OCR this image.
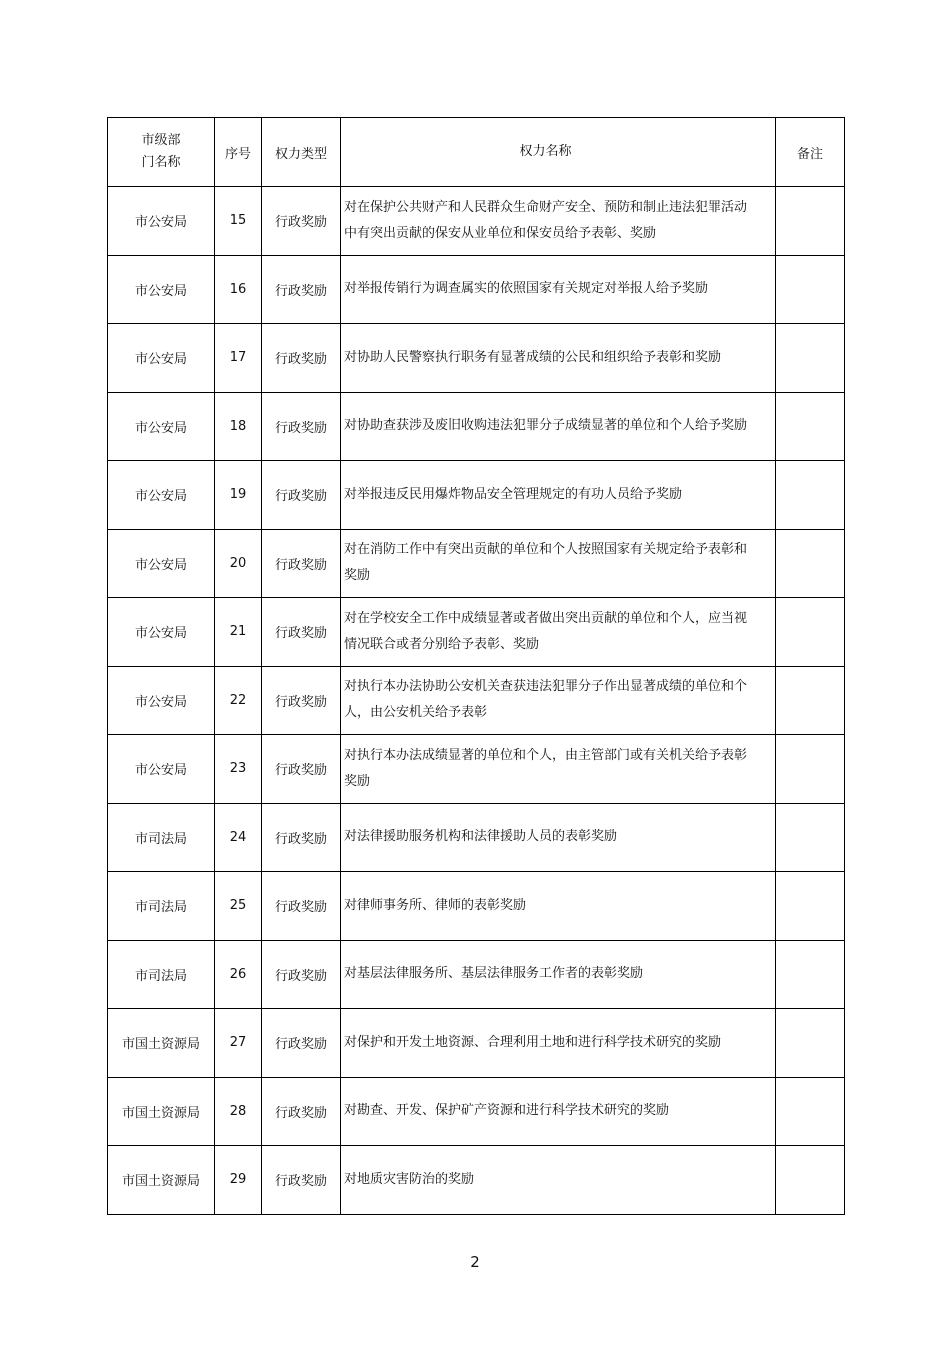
市级部门名称	序号	权力类型	权力名称	备注
市公安局	15	行政奖励	对在保护公共财产和人民群众生命财产安全、预防和制止违法犯罪活动中有突出贡献的保安从业单位和保安员给予表彰、奖励	
市公安局	16	行政奖励	对举报传销行为调查属实的依照国家有关规定对举报人给予奖励	
市公安局	17	行政奖励	对协助人民警察执行职务有显著成绩的公民和组织给予表彰和奖励	
市公安局	18	行政奖励	对协助查获涉及废旧收购违法犯罪分子成绩显著的单位和个人给予奖励	
市公安局	19	行政奖励	对举报违反民用爆炸物品安全管理规定的有功人员给予奖励	
市公安局	20	行政奖励	对在消防工作中有突出贡献的单位和个人按照国家有关规定给予表彰和奖励	
市公安局	21	行政奖励	对在学校安全工作中成绩显著或者做出突出贡献的单位和个人，应当视情况联合或者分别给予表彰、奖励	
市公安局	22	行政奖励	对执行本办法协助公安机关查获违法犯罪分子作出显著成绩的单位和个人，由公安机关给予表彰	
市公安局	23	行政奖励	对执行本办法成绩显著的单位和个人，由主管部门或有关机关给予表彰奖励	
市司法局	24	行政奖励	对法律援助服务机构和法律援助人员的表彰奖励	
市司法局	25	行政奖励	对律师事务所、律师的表彰奖励	
市司法局	26	行政奖励	对基层法律服务所、基层法律服务工作者的表彰奖励	
市国土资源局	27	行政奖励	对保护和开发土地资源、合理利用土地和进行科学技术研究的奖励	
市国土资源局	28	行政奖励	对勘查、开发、保护矿产资源和进行科学技术研究的奖励	
市国土资源局	29	行政奖励	对地质灾害防治的奖励	
2
